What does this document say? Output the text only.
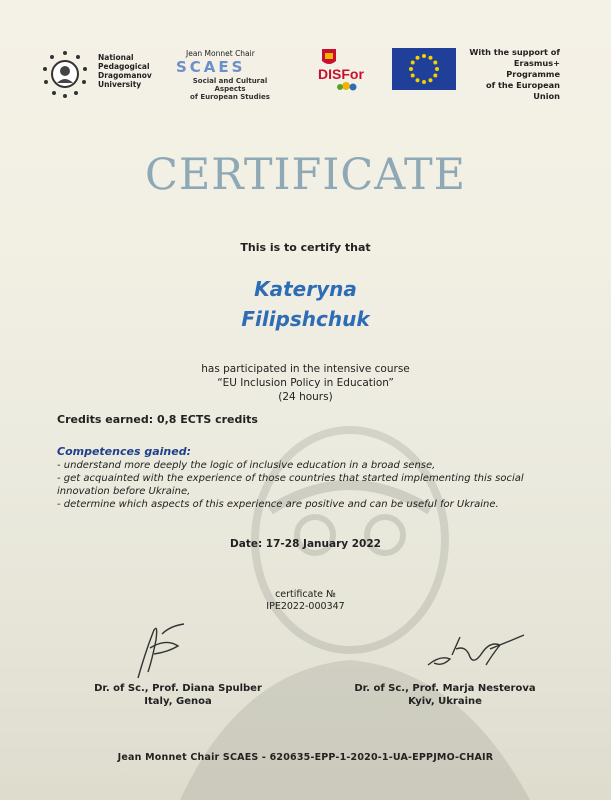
National
Pedagogical
Dragomanov
University
Jean Monnet Chair
SCAES
Social and Cultural Aspects
of European Studies
DISFor
With the support of
Erasmus+ Programme
of the European Union
CERTIFICATE
This is to certify that
Kateryna
Filipshchuk
has participated in the intensive course
“EU Inclusion Policy in Education”
(24 hours)
Credits earned: 0,8 ECTS credits
Competences gained:
- understand more deeply the logic of inclusive education in a broad sense,
- get acquainted with the experience of those countries that started implementing this social innovation before Ukraine,
- determine which aspects of this experience are positive and can be useful for Ukraine.
Date: 17-28 January 2022
certificate №
IPE2022-000347
Dr. of Sc., Prof. Diana Spulber
Italy, Genoa
Dr. of Sc., Prof. Marja Nesterova
Kyiv, Ukraine
Jean Monnet Chair SCAES - 620635-EPP-1-2020-1-UA-EPPJMO-CHAIR
